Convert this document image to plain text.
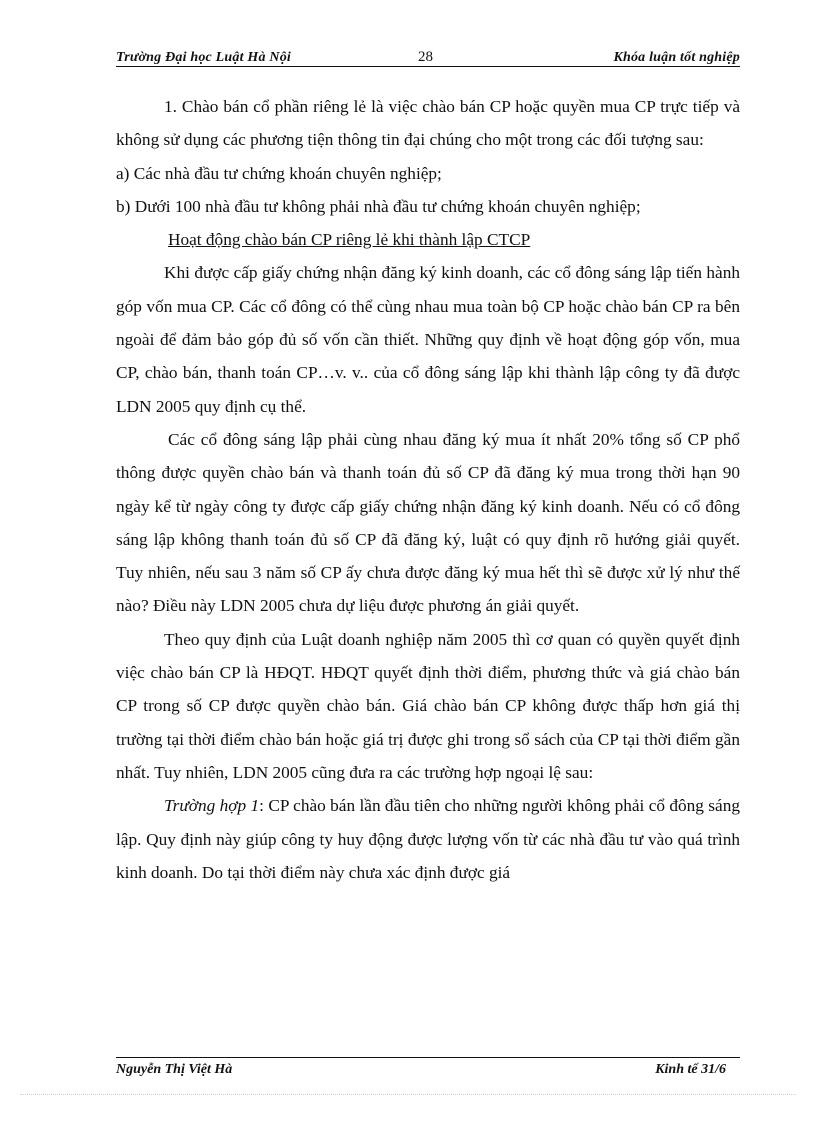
Trường Đại học Luật Hà Nội	28	Khóa luận tốt nghiệp

1. Chào bán cổ phần riêng lẻ là việc chào bán CP hoặc quyền mua CP trực tiếp và không sử dụng các phương tiện thông tin đại chúng cho một trong các đối tượng sau:

a) Các nhà đầu tư chứng khoán chuyên nghiệp;

b) Dưới 100 nhà đầu tư không phải nhà đầu tư chứng khoán chuyên nghiệp;

Hoạt động chào bán CP riêng lẻ khi thành lập CTCP

Khi được cấp giấy chứng nhận đăng ký kinh doanh, các cổ đông sáng lập tiến hành góp vốn mua CP. Các cổ đông có thể cùng nhau mua toàn bộ CP hoặc chào bán CP ra bên ngoài để đảm bảo góp đủ số vốn cần thiết. Những quy định về hoạt động góp vốn, mua CP, chào bán, thanh toán CP…v. v.. của cổ đông sáng lập khi thành lập công ty đã được LDN 2005 quy định cụ thể.

Các cổ đông sáng lập phải cùng nhau đăng ký mua ít nhất 20% tổng số CP phổ thông được quyền chào bán và thanh toán đủ số CP đã đăng ký mua trong thời hạn 90 ngày kể từ ngày công ty được cấp giấy chứng nhận đăng ký kinh doanh. Nếu có cổ đông sáng lập không thanh toán đủ số CP đã đăng ký, luật có quy định rõ hướng giải quyết. Tuy nhiên, nếu sau 3 năm số CP ấy chưa được đăng ký mua hết thì sẽ được xử lý như thế nào? Điều này LDN 2005 chưa dự liệu được phương án giải quyết.

Theo quy định của Luật doanh nghiệp năm 2005 thì cơ quan có quyền quyết định việc chào bán CP là HĐQT. HĐQT quyết định thời điểm, phương thức và giá chào bán CP trong số CP được quyền chào bán. Giá chào bán CP không được thấp hơn giá thị trường tại thời điểm chào bán hoặc giá trị được ghi trong sổ sách của CP tại thời điểm gần nhất. Tuy nhiên, LDN 2005 cũng đưa ra các trường hợp ngoại lệ sau:

Trường hợp 1: CP chào bán lần đầu tiên cho những người không phải cổ đông sáng lập. Quy định này giúp công ty huy động được lượng vốn từ các nhà đầu tư vào quá trình kinh doanh. Do tại thời điểm này chưa xác định được giá

Nguyễn Thị Việt Hà	Kinh tế 31/6
